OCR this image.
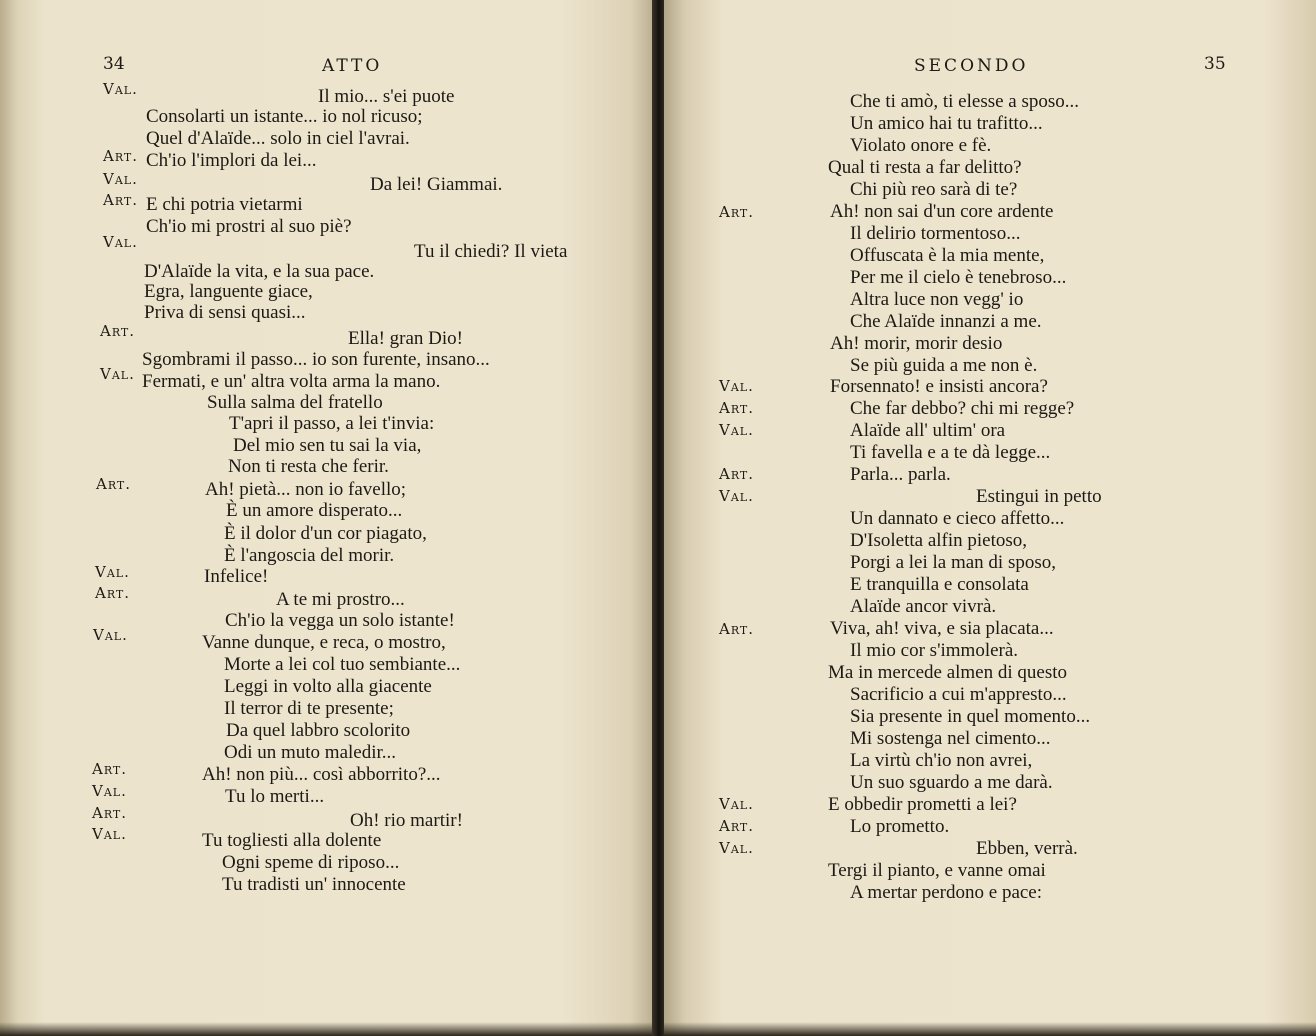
34	ATTO
Val.
Art.
Val.
Art.
Val.
Art.
Val.
Art.
Val.
Art.
Val.
Art.
Val.
Art.
Val.
Il mio... s'ei puote
Consolarti un istante... io nol ricuso;
Quel d'Alaïde... solo in ciel l'avrai.
Ch'io l'implori da lei...
Da lei! Giammai.
E chi potria vietarmi
Ch'io mi prostri al suo piè?
Tu il chiedi? Il vieta
D'Alaïde la vita, e la sua pace.
Egra, languente giace,
Priva di sensi quasi...
Ella! gran Dio!
Sgombrami il passo... io son furente, insano...
Fermati, e un' altra volta arma la mano.
Sulla salma del fratello
T'apri il passo, a lei t'invia:
Del mio sen tu sai la via,
Non ti resta che ferir.
Ah! pietà... non io favello;
È un amore disperato...
È il dolor d'un cor piagato,
È l'angoscia del morir.
Infelice!
A te mi prostro...
Ch'io la vegga un solo istante!
Vanne dunque, e reca, o mostro,
Morte a lei col tuo sembiante...
Leggi in volto alla giacente
Il terror di te presente;
Da quel labbro scolorito
Odi un muto maledir...
Ah! non più... così abborrito?...
Tu lo merti...
Oh! rio martir!
Tu togliesti alla dolente
Ogni speme di riposo...
Tu tradisti un' innocente
SECONDO	35
Art.
Val.
Art.
Val.
Art.
Val.
Art.
Val.
Art.
Val.
Che ti amò, ti elesse a sposo...
Un amico hai tu trafitto...
Violato onore e fè.
Qual ti resta a far delitto?
Chi più reo sarà di te?
Ah! non sai d'un core ardente
Il delirio tormentoso...
Offuscata è la mia mente,
Per me il cielo è tenebroso...
Altra luce non vegg' io
Che Alaïde innanzi a me.
Ah! morir, morir desio
Se più guida a me non è.
Forsennato! e insisti ancora?
Che far debbo? chi mi regge?
Alaïde all' ultim' ora
Ti favella e a te dà legge...
Parla... parla.
Estingui in petto
Un dannato e cieco affetto...
D'Isoletta alfin pietoso,
Porgi a lei la man di sposo,
E tranquilla e consolata
Alaïde ancor vivrà.
Viva, ah! viva, e sia placata...
Il mio cor s'immolerà.
Ma in mercede almen di questo
Sacrificio a cui m'appresto...
Sia presente in quel momento...
Mi sostenga nel cimento...
La virtù ch'io non avrei,
Un suo sguardo a me darà.
E obbedir prometti a lei?
Lo prometto.
Ebben, verrà.
Tergi il pianto, e vanne omai
A mertar perdono e pace:
